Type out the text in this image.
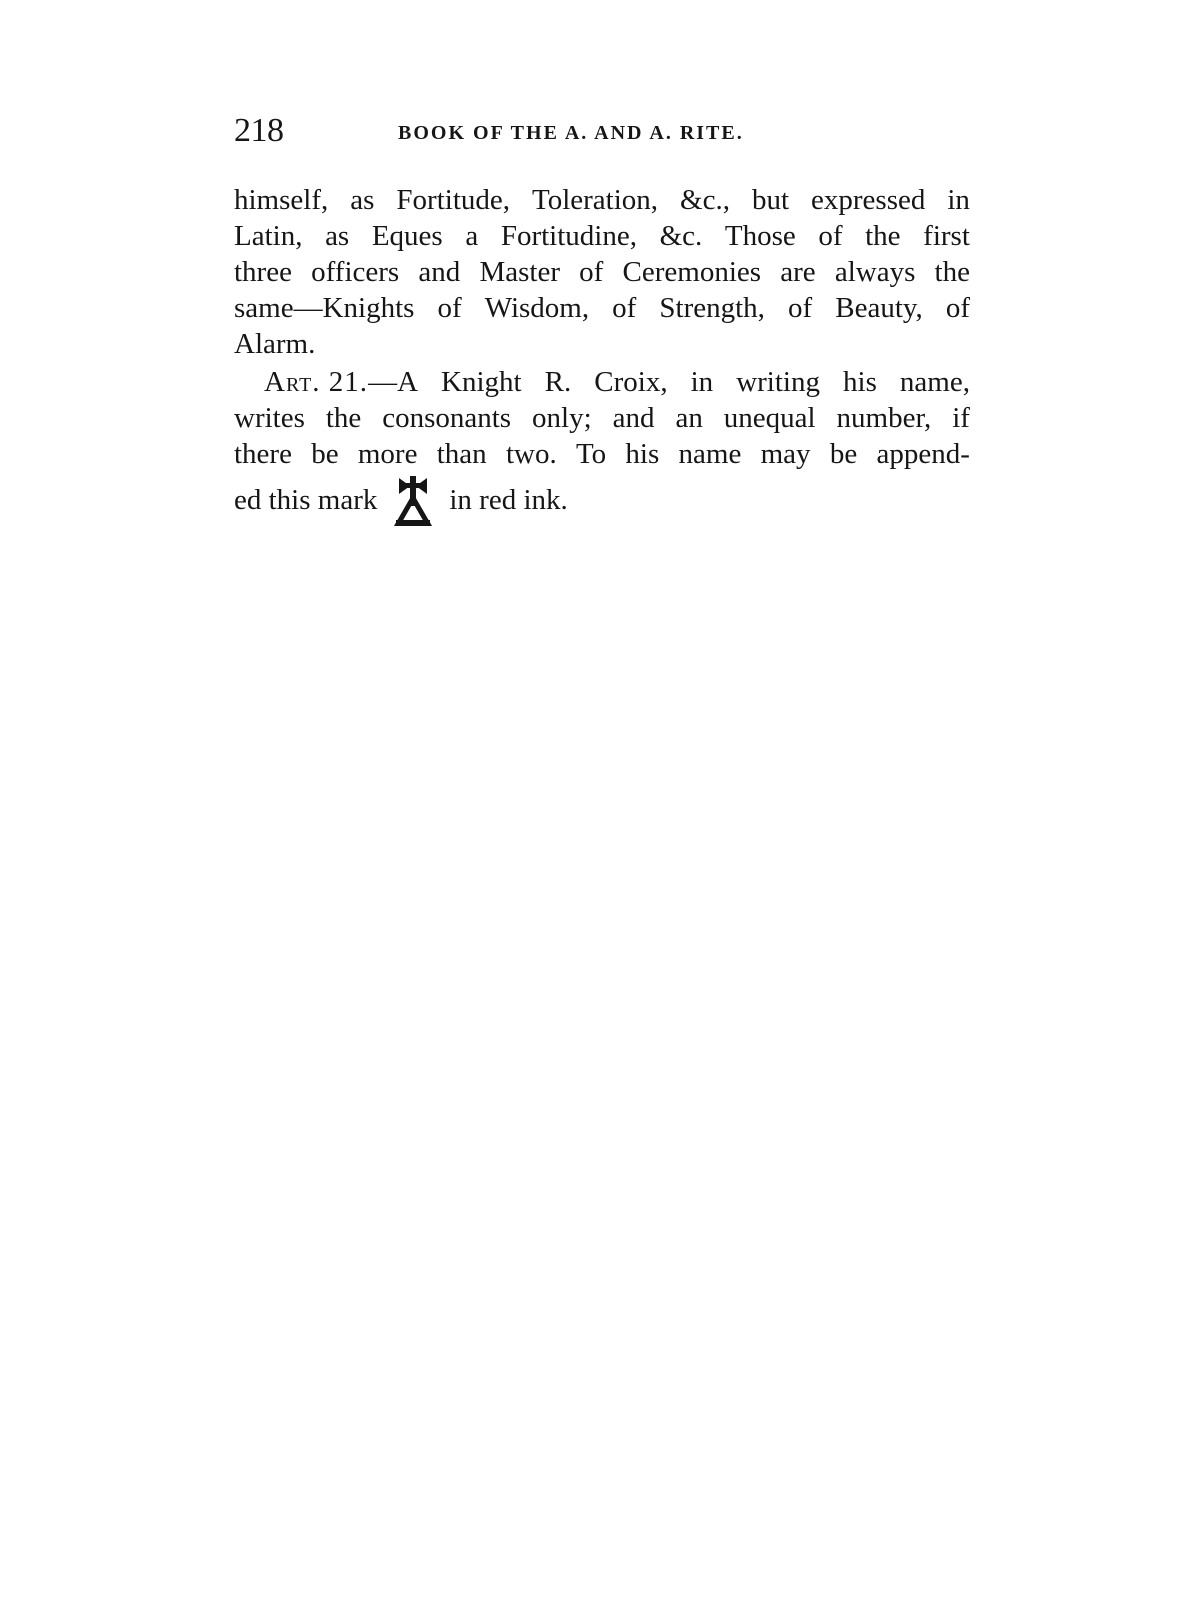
218	BOOK OF THE A. AND A. RITE.
himself, as Fortitude, Toleration, &c., but expressed in
Latin, as Eques a Fortitudine, &c. Those of the first
three officers and Master of Ceremonies are always the
same—Knights of Wisdom, of Strength, of Beauty, of
Alarm.
Art. 21. —A Knight R. Croix, in writing his name,
writes the consonants only; and an unequal number, if
there be more than two. To his name may be append-
ed this mark in red ink.
